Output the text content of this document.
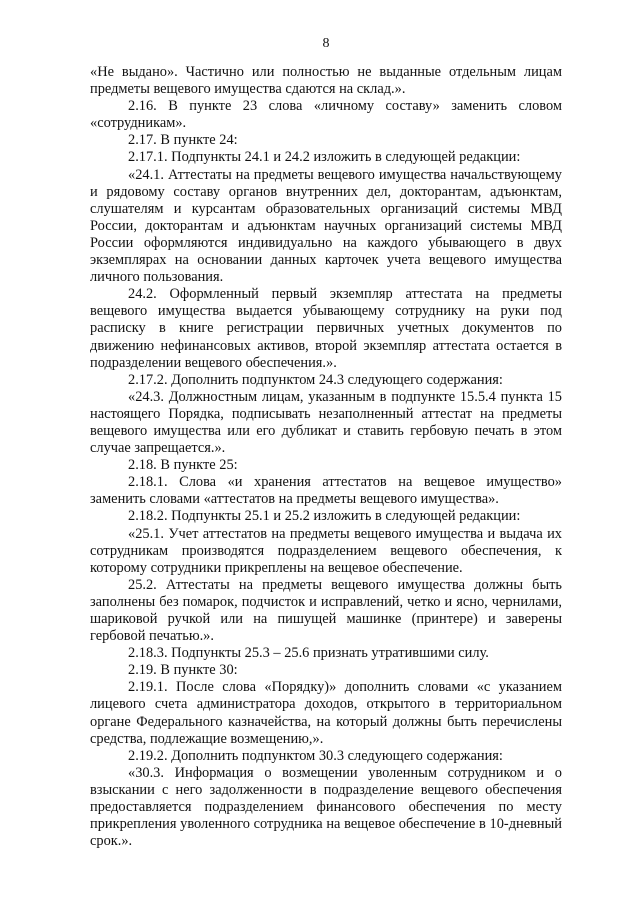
8

«Не выдано». Частично или полностью не выданные отдельным лицам предметы вещевого имущества сдаются на склад.».

2.16. В пункте 23 слова «личному составу» заменить словом «сотрудникам».

2.17. В пункте 24:

2.17.1. Подпункты 24.1 и 24.2 изложить в следующей редакции:

«24.1. Аттестаты на предметы вещевого имущества начальствующему и рядовому составу органов внутренних дел, докторантам, адъюнктам, слушателям и курсантам образовательных организаций системы МВД России, докторантам и адъюнктам научных организаций системы МВД России оформляются индивидуально на каждого убывающего в двух экземплярах на основании данных карточек учета вещевого имущества личного пользования.

24.2. Оформленный первый экземпляр аттестата на предметы вещевого имущества выдается убывающему сотруднику на руки под расписку в книге регистрации первичных учетных документов по движению нефинансовых активов, второй экземпляр аттестата остается в подразделении вещевого обеспечения.».

2.17.2. Дополнить подпунктом 24.3 следующего содержания:

«24.3. Должностным лицам, указанным в подпункте 15.5.4 пункта 15 настоящего Порядка, подписывать незаполненный аттестат на предметы вещевого имущества или его дубликат и ставить гербовую печать в этом случае запрещается.».

2.18. В пункте 25:

2.18.1. Слова «и хранения аттестатов на вещевое имущество» заменить словами «аттестатов на предметы вещевого имущества».

2.18.2. Подпункты 25.1 и 25.2 изложить в следующей редакции:

«25.1. Учет аттестатов на предметы вещевого имущества и выдача их сотрудникам производятся подразделением вещевого обеспечения, к которому сотрудники прикреплены на вещевое обеспечение.

25.2. Аттестаты на предметы вещевого имущества должны быть заполнены без помарок, подчисток и исправлений, четко и ясно, чернилами, шариковой ручкой или на пишущей машинке (принтере) и заверены гербовой печатью.».

2.18.3. Подпункты 25.3 – 25.6 признать утратившими силу.

2.19. В пункте 30:

2.19.1. После слова «Порядку)» дополнить словами «с указанием лицевого счета администратора доходов, открытого в территориальном органе Федерального казначейства, на который должны быть перечислены средства, подлежащие возмещению,».

2.19.2. Дополнить подпунктом 30.3 следующего содержания:

«30.3. Информация о возмещении уволенным сотрудником и о взыскании с него задолженности в подразделение вещевого обеспечения предоставляется подразделением финансового обеспечения по месту прикрепления уволенного сотрудника на вещевое обеспечение в 10-дневный срок.».
